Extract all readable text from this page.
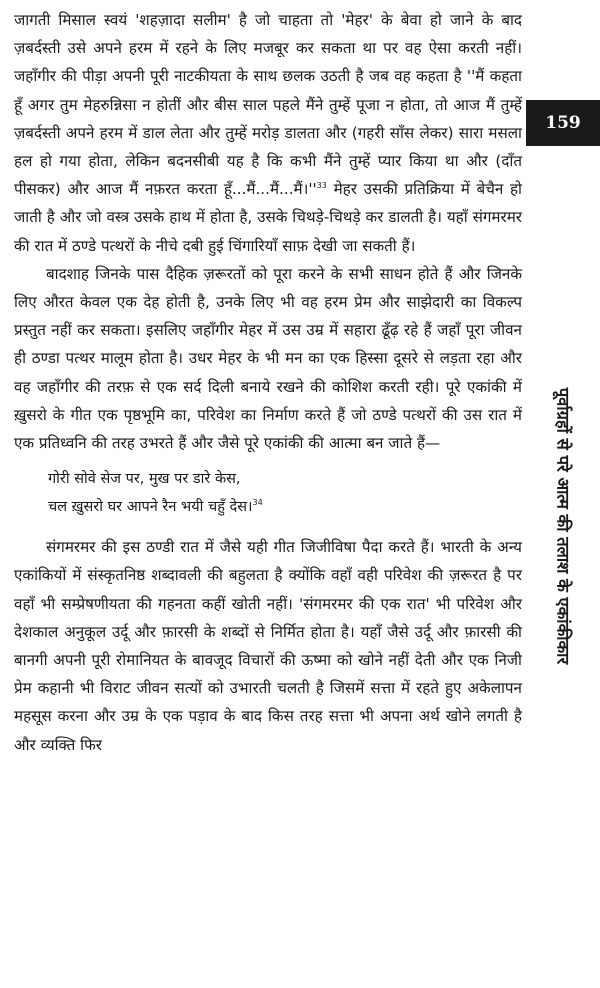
जागती मिसाल स्वयं 'शहज़ादा सलीम' है जो चाहता तो 'मेहर' के बेवा हो जाने के बाद ज़बर्दस्ती उसे अपने हरम में रहने के लिए मजबूर कर सकता था पर वह ऐसा करती नहीं। जहाँगीर की पीड़ा अपनी पूरी नाटकीयता के साथ छलक उठती है जब वह कहता है ''मैं कहता हूँ अगर तुम मेहरुन्निसा न होतीं और बीस साल पहले मैंने तुम्हें पूजा न होता, तो आज मैं तुम्हें ज़बर्दस्ती अपने हरम में डाल लेता और तुम्हें मरोड़ डालता और (गहरी साँस लेकर) सारा मसला हल हो गया होता, लेकिन बदनसीबी यह है कि कभी मैंने तुम्हें प्यार किया था और (दाँत पीसकर) और आज मैं नफ़रत करता हूँ...मैं...मैं...मैं।''$^{33}$ मेहर उसकी प्रतिक्रिया में बेचैन हो जाती है और जो वस्त्र उसके हाथ में होता है, उसके चिथड़े-चिथड़े कर डालती है। यहाँ संगमरमर की रात में ठण्डे पत्थरों के नीचे दबी हुई चिंगारियाँ साफ़ देखी जा सकती हैं।

बादशाह जिनके पास दैहिक ज़रूरतों को पूरा करने के सभी साधन होते हैं और जिनके लिए औरत केवल एक देह होती है, उनके लिए भी वह हरम प्रेम और साझेदारी का विकल्प प्रस्तुत नहीं कर सकता। इसलिए जहाँगीर मेहर में उस उम्र में सहारा ढूँढ़ रहे हैं जहाँ पूरा जीवन ही ठण्डा पत्थर मालूम होता है। उधर मेहर के भी मन का एक हिस्सा दूसरे से लड़ता रहा और वह जहाँगीर की तरफ़ से एक सर्द दिली बनाये रखने की कोशिश करती रही। पूरे एकांकी में ख़ुसरो के गीत एक पृष्ठभूमि का, परिवेश का निर्माण करते हैं जो ठण्डे पत्थरों की उस रात में एक प्रतिध्वनि की तरह उभरते हैं और जैसे पूरे एकांकी की आत्मा बन जाते हैं—

गोरी सोवे सेज पर, मुख पर डारे केस,
चल ख़ुसरो घर आपने रैन भयी चहुँ देस।$^{34}$

संगमरमर की इस ठण्डी रात में जैसे यही गीत जिजीविषा पैदा करते हैं। भारती के अन्य एकांकियों में संस्कृतनिष्ठ शब्दावली की बहुलता है क्योंकि वहाँ वही परिवेश की ज़रूरत है पर वहाँ भी सम्प्रेषणीयता की गहनता कहीं खोती नहीं। 'संगमरमर की एक रात' भी परिवेश और देशकाल अनुकूल उर्दू और फ़ारसी के शब्दों से निर्मित होता है। यहाँ जैसे उर्दू और फ़ारसी की बानगी अपनी पूरी रोमानियत के बावजूद विचारों की ऊष्मा को खोने नहीं देती और एक निजी प्रेम कहानी भी विराट जीवन सत्यों को उभारती चलती है जिसमें सत्ता में रहते हुए अकेलापन महसूस करना और उम्र के एक पड़ाव के बाद किस तरह सत्ता भी अपना अर्थ खोने लगती है और व्यक्ति फिर

159
पूर्वाग्रहों से परे आत्म की तलाश के एकांकीकार
